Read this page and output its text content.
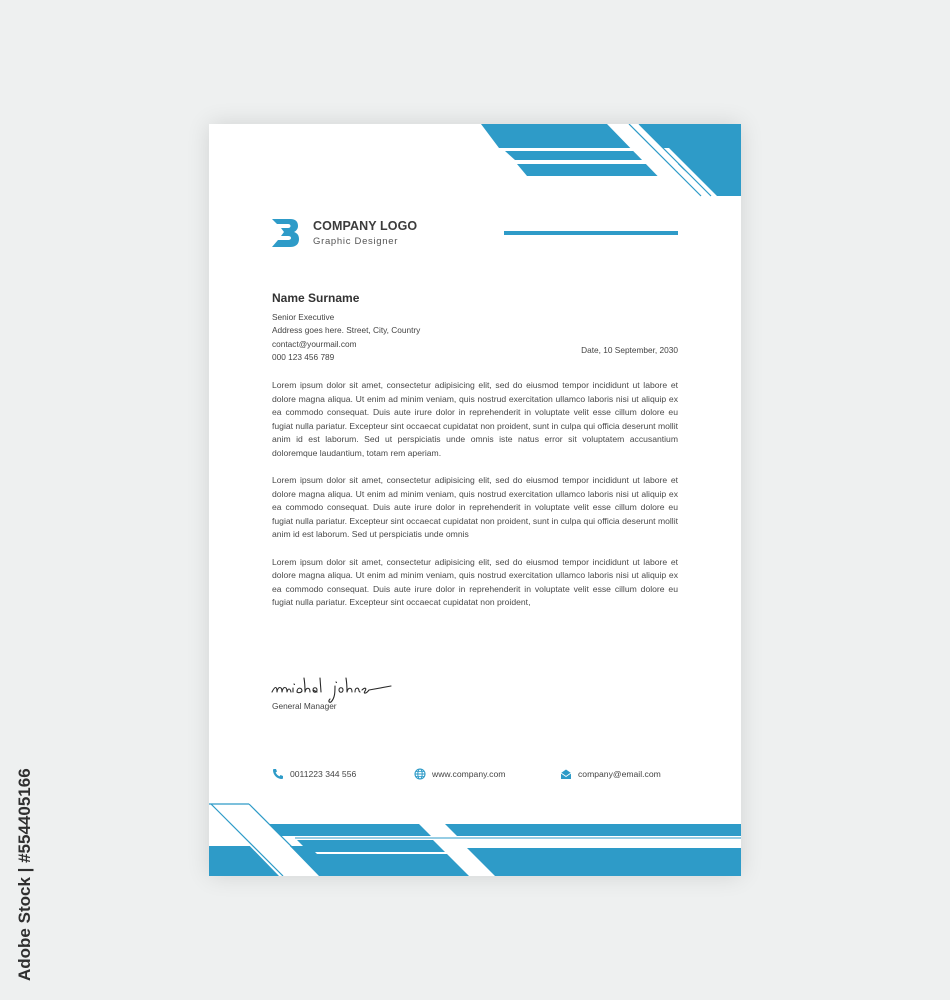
COMPANY LOGO
Graphic Designer
Name Surname
Senior Executive
Address goes here. Street, City, Country
contact@yourmail.com
000 123 456 789
Date, 10 September, 2030

Lorem ipsum dolor sit amet, consectetur adipisicing elit, sed do eiusmod tempor incididunt ut labore et dolore magna aliqua. Ut enim ad minim veniam, quis nostrud exercitation ullamco laboris nisi ut aliquip ex ea commodo consequat. Duis aute irure dolor in reprehenderit in voluptate velit esse cillum dolore eu fugiat nulla pariatur. Excepteur sint occaecat cupidatat non proident, sunt in culpa qui officia deserunt mollit anim id est laborum. Sed ut perspiciatis unde omnis iste natus error sit voluptatem accusantium doloremque laudantium, totam rem aperiam.

Lorem ipsum dolor sit amet, consectetur adipisicing elit, sed do eiusmod tempor incididunt ut labore et dolore magna aliqua. Ut enim ad minim veniam, quis nostrud exercitation ullamco laboris nisi ut aliquip ex ea commodo consequat. Duis aute irure dolor in reprehenderit in voluptate velit esse cillum dolore eu fugiat nulla pariatur. Excepteur sint occaecat cupidatat non proident, sunt in culpa qui officia deserunt mollit anim id est laborum. Sed ut perspiciatis unde omnis

Lorem ipsum dolor sit amet, consectetur adipisicing elit, sed do eiusmod tempor incididunt ut labore et dolore magna aliqua. Ut enim ad minim veniam, quis nostrud exercitation ullamco laboris nisi ut aliquip ex ea commodo consequat. Duis aute irure dolor in reprehenderit in voluptate velit esse cillum dolore eu fugiat nulla pariatur. Excepteur sint occaecat cupidatat non proident,

General Manager
0011223 344 556	www.company.com	company@email.com
Adobe Stock | #554405166
